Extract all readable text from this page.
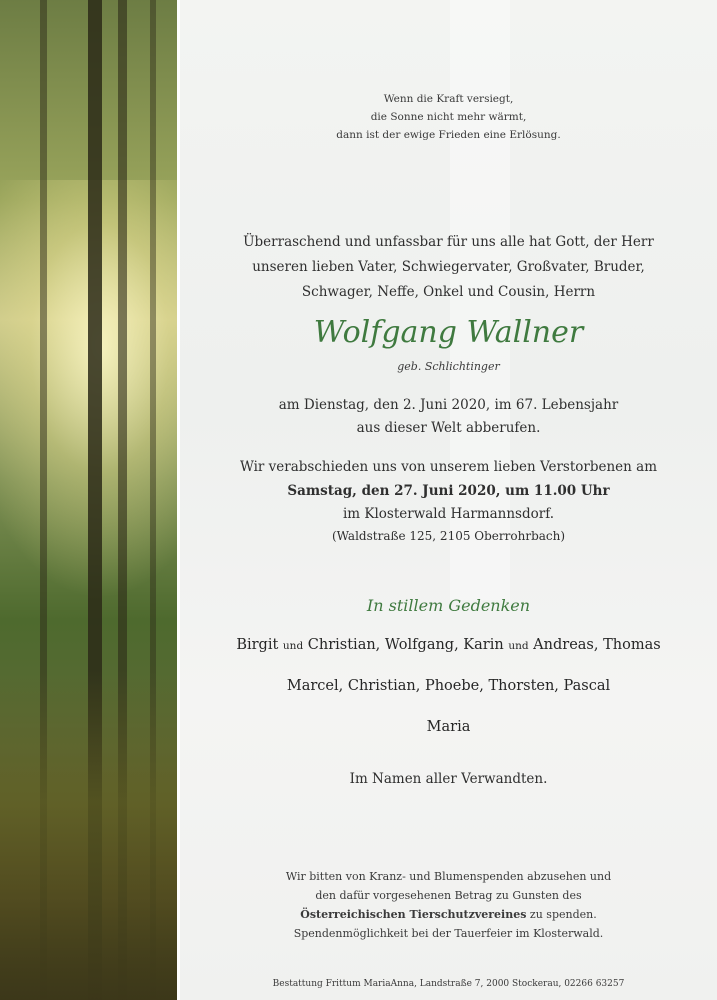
Wenn die Kraft versiegt,
die Sonne nicht mehr wärmt,
dann ist der ewige Frieden eine Erlösung.
Überraschend und unfassbar für uns alle hat Gott, der Herr
unseren lieben Vater, Schwiegervater, Großvater, Bruder,
Schwager, Neffe, Onkel und Cousin, Herrn
Wolfgang Wallner
geb. Schlichtinger
am Dienstag, den 2. Juni 2020, im 67. Lebensjahr
aus dieser Welt abberufen.
Wir verabschieden uns von unserem lieben Verstorbenen am
Samstag, den 27. Juni 2020, um 11.00 Uhr
im Klosterwald Harmannsdorf.
(Waldstraße 125, 2105 Oberrohrbach)
In stillem Gedenken
Birgit und Christian, Wolfgang, Karin und Andreas, Thomas
Marcel, Christian, Phoebe, Thorsten, Pascal
Maria
Im Namen aller Verwandten.
Wir bitten von Kranz- und Blumenspenden abzusehen und
den dafür vorgesehenen Betrag zu Gunsten des
Österreichischen Tierschutzvereines zu spenden.
Spendenmöglichkeit bei der Tauerfeier im Klosterwald.
Bestattung Frittum MariaAnna, Landstraße 7, 2000 Stockerau, 02266 63257
